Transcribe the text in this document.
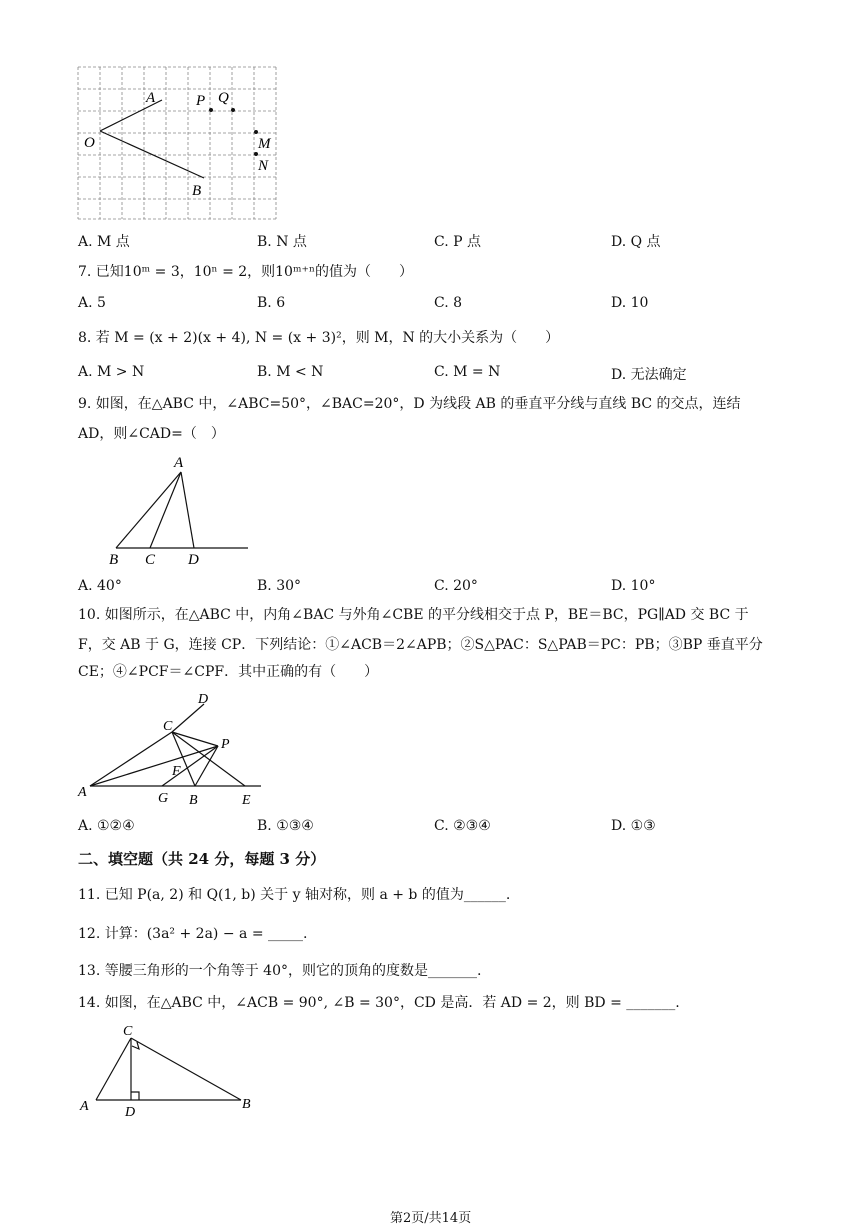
A
O
B
P Q
M
N
A. M 点	B. N 点	C. P 点	D. Q 点
7. 已知10ᵐ = 3，10ⁿ = 2，则10ᵐ⁺ⁿ的值为（　　）
A. 5	B. 6	C. 8	D. 10
8. 若 M = (x + 2)(x + 4), N = (x + 3)²，则 M，N 的大小关系为（　　）
A. M > N	B. M < N	C. M = N	D. 无法确定
9. 如图，在△ABC 中，∠ABC=50°，∠BAC=20°，D 为线段 AB 的垂直平分线与直线 BC 的交点，连结
AD，则∠CAD=（　）
A
B C D
A. 40°	B. 30°	C. 20°	D. 10°
10. 如图所示，在△ABC 中，内角∠BAC 与外角∠CBE 的平分线相交于点 P，BE＝BC，PG∥AD 交 BC 于
F，交 AB 于 G，连接 CP．下列结论：①∠ACB＝2∠APB；②S△PAC：S△PAB＝PC：PB；③BP 垂直平分
CE；④∠PCF＝∠CPF．其中正确的有（　　）
D
C
P
F
A	G B	E
A. ①②④	B. ①③④	C. ②③④	D. ①③
二、填空题（共 24 分，每题 3 分）
11. 已知 P(a, 2) 和 Q(1, b) 关于 y 轴对称，则 a + b 的值为______.
12. 计算：(3a² + 2a) − a = _____.
13. 等腰三角形的一个角等于 40°，则它的顶角的度数是_______.
14. 如图，在△ABC 中，∠ACB = 90°, ∠B = 30°，CD 是高．若 AD = 2，则 BD = _______.
C
A	D
B
第2页/共14页
